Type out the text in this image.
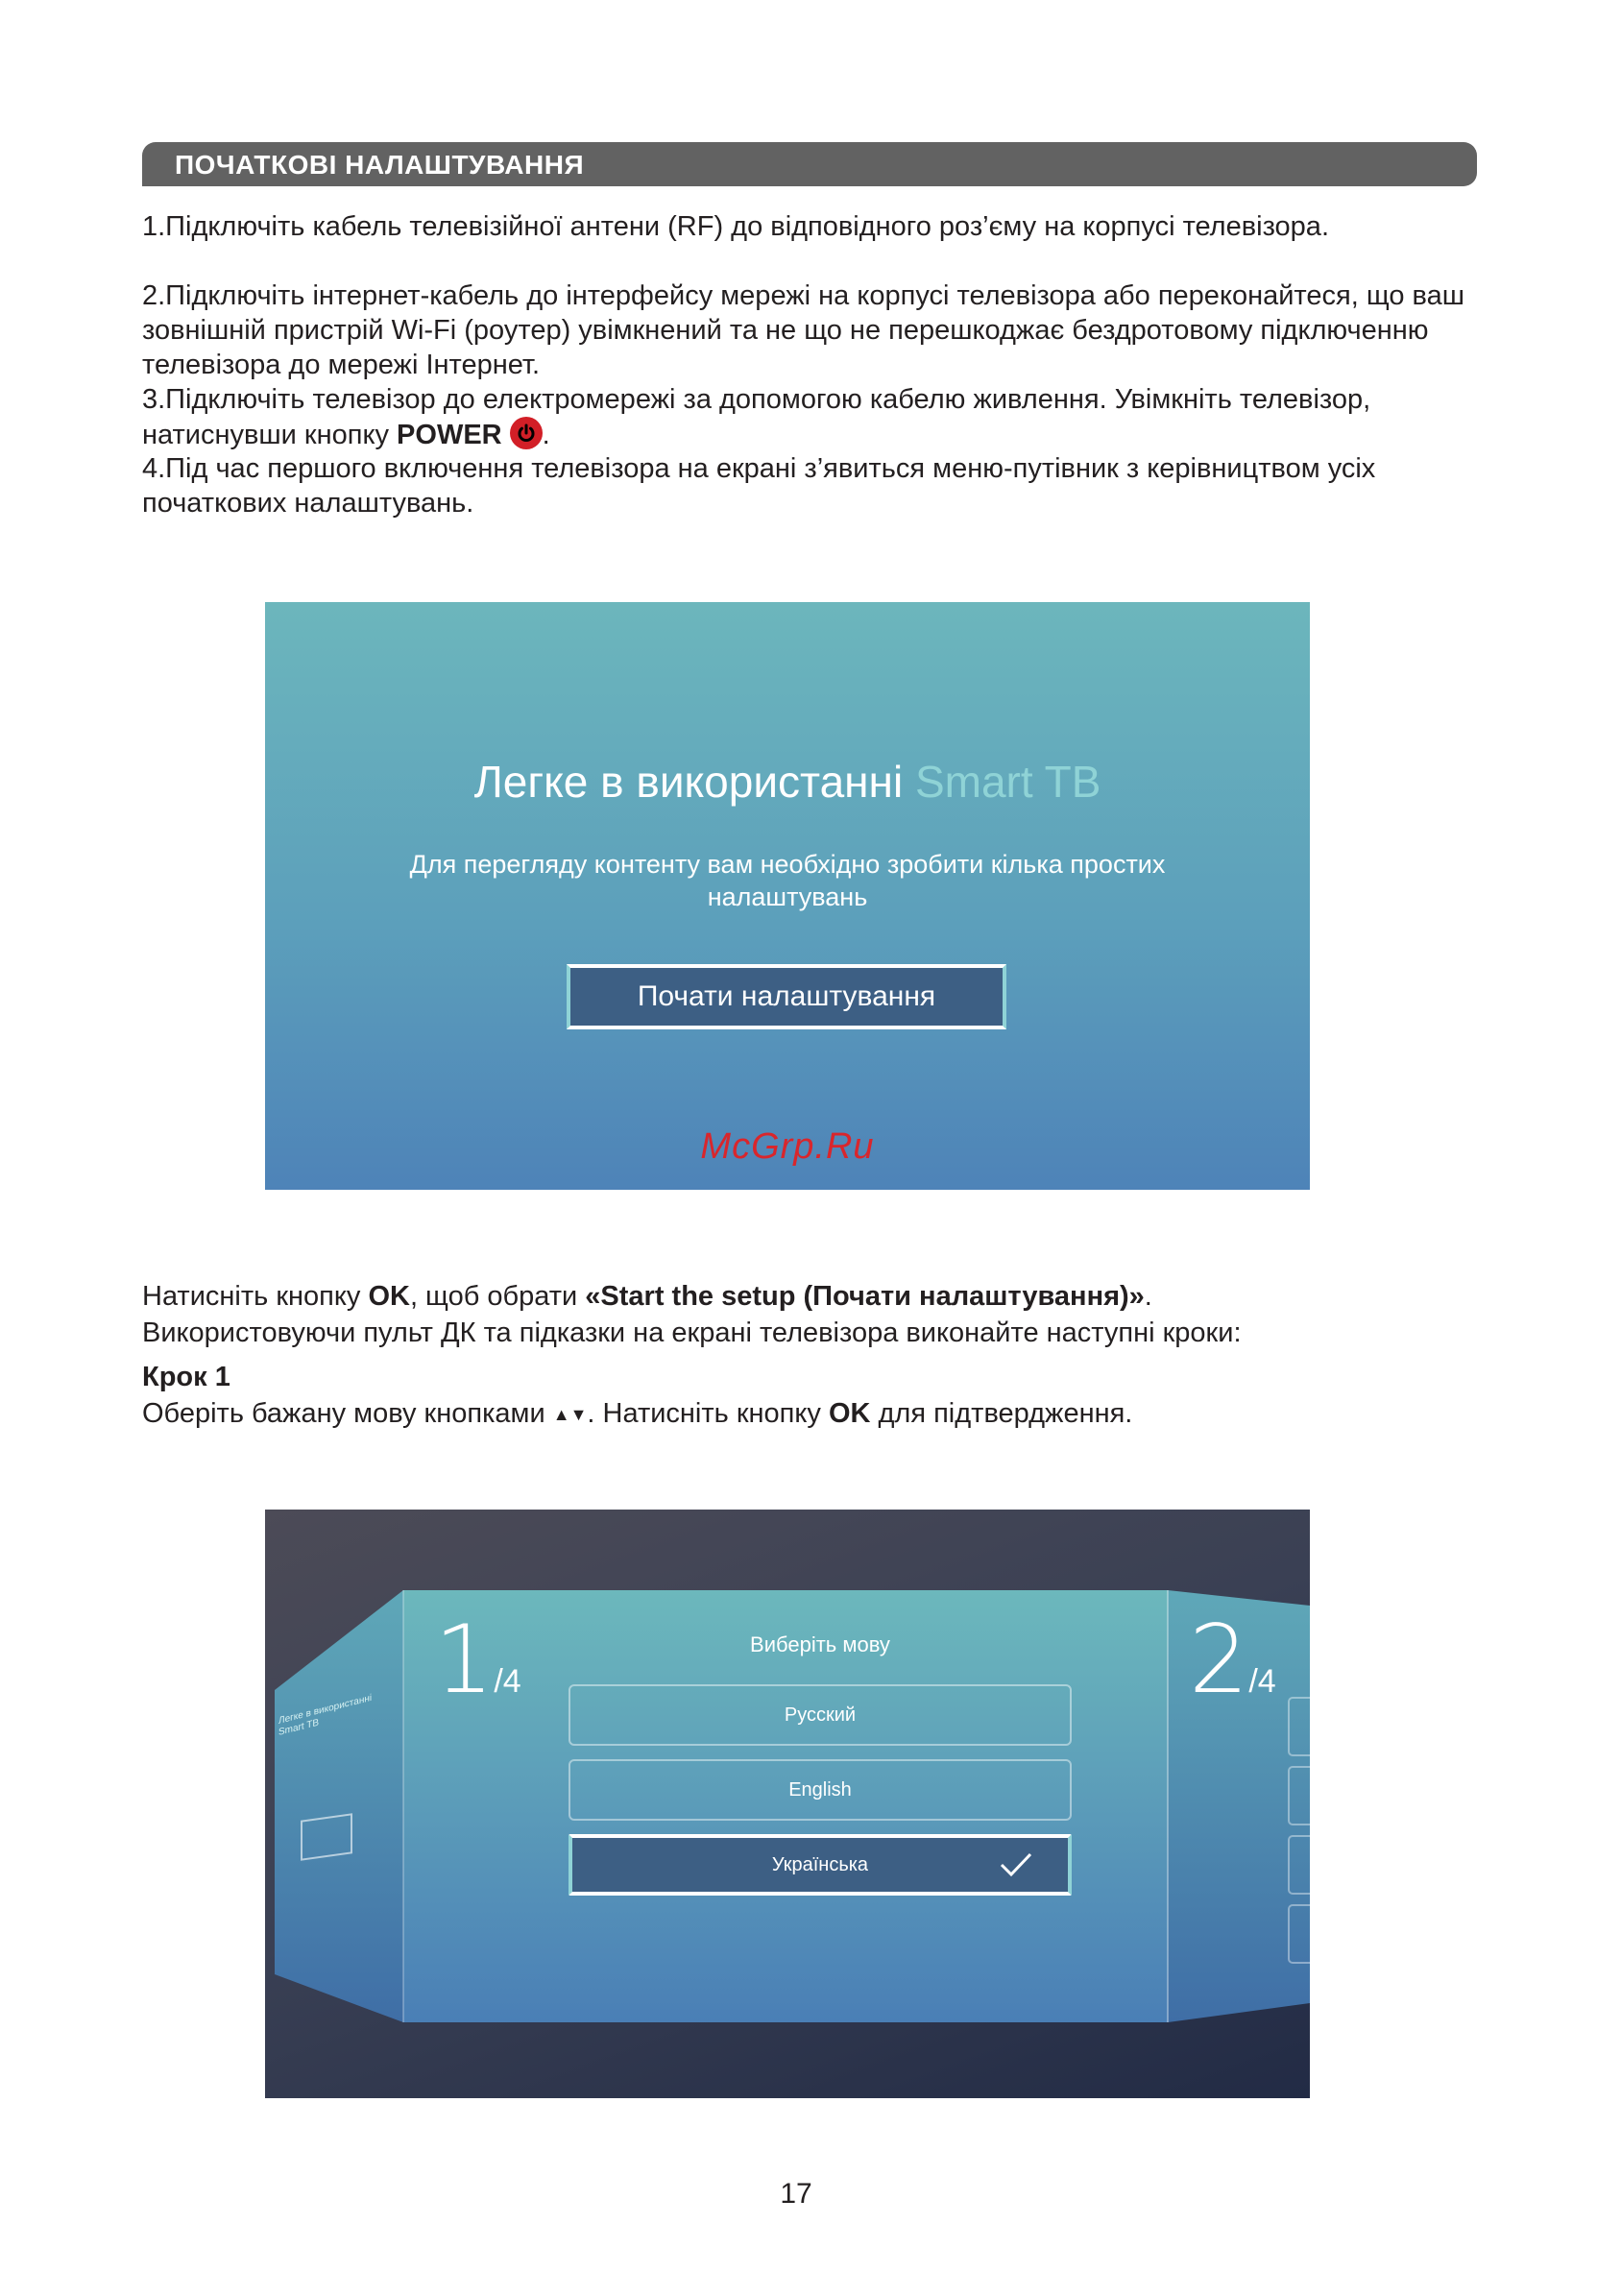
ПОЧАТКОВІ НАЛАШТУВАННЯ

1.Підключіть кабель телевізійної антени (RF) до відповідного роз’єму на корпусі телевізора.

2.Підключіть інтернет-кабель до інтерфейсу мережі на корпусі телевізора або переконайтеся, що ваш зовнішній пристрій Wi-Fi (роутер) увімкнений та не що не перешкоджає бездротовому підключенню телевізора до мережі Інтернет.

3.Підключіть телевізор до електромережі за допомогою кабелю живлення. Увімкніть телевізор, натиснувши кнопку POWER .

4.Під час першого включення телевізора на екрані з’явиться меню-путівник з керівництвом усіх початкових налаштувань.

Легке в використанні Smart TB
Для перегляду контенту вам необхідно зробити кілька простих налаштувань
Почати налаштування
McGrp.Ru

Натисніть кнопку OK, щоб обрати «Start the setup (Почати налаштування)».

Використовуючи пульт ДК та підказки на екрані телевізора виконайте наступні кроки:

Крок 1

Оберіть бажану мову кнопками ▲▼. Натисніть кнопку OK для підтвердження.

Легке в використанні Smart TB
1/4	2/4
Виберіть мову
Русский
English
Українська
17
